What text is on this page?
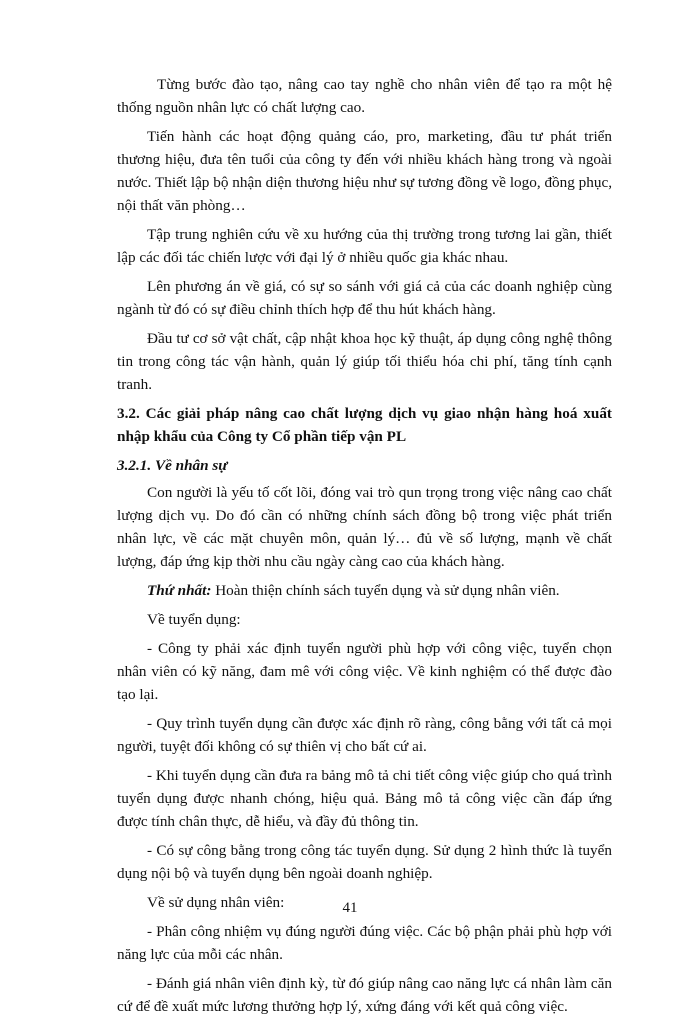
Từng bước đào tạo, nâng cao tay nghề cho nhân viên để tạo ra một hệ thống nguồn nhân lực có chất lượng cao.

Tiến hành các hoạt động quảng cáo, pro, marketing, đầu tư phát triển thương hiệu, đưa tên tuổi của công ty đến với nhiều khách hàng trong và ngoài nước. Thiết lập bộ nhận diện thương hiệu như sự tương đồng về logo, đồng phục, nội thất văn phòng…

Tập trung nghiên cứu về xu hướng của thị trường trong tương lai gần, thiết lập các đối tác chiến lược với đại lý ở nhiều quốc gia khác nhau.

Lên phương án về giá, có sự so sánh với giá cả của các doanh nghiệp cùng ngành từ đó có sự điều chỉnh thích hợp để thu hút khách hàng.

Đầu tư cơ sở vật chất, cập nhật khoa học kỹ thuật, áp dụng công nghệ thông tin trong công tác vận hành, quản lý giúp tối thiểu hóa chi phí, tăng tính cạnh tranh.

3.2. Các giải pháp nâng cao chất lượng dịch vụ giao nhận hàng hoá xuất nhập khẩu của Công ty Cổ phần tiếp vận PL

3.2.1. Về nhân sự

Con người là yếu tố cốt lõi, đóng vai trò qun trọng trong việc nâng cao chất lượng dịch vụ. Do đó cần có những chính sách đồng bộ trong việc phát triển nhân lực, về các mặt chuyên môn, quản lý… đủ về số lượng, mạnh về chất lượng, đáp ứng kịp thời nhu cầu ngày càng cao của khách hàng.

Thứ nhất: Hoàn thiện chính sách tuyển dụng và sử dụng nhân viên.

Về tuyển dụng:

- Công ty phải xác định tuyển người phù hợp với công việc, tuyển chọn nhân viên có kỹ năng, đam mê với công việc. Về kinh nghiệm có thể được đào tạo lại.

- Quy trình tuyển dụng cần được xác định rõ ràng, công bằng với tất cả mọi người, tuyệt đối không có sự thiên vị cho bất cứ ai.

- Khi tuyển dụng cần đưa ra bảng mô tả chi tiết công việc giúp cho quá trình tuyển dụng được nhanh chóng, hiệu quả. Bảng mô tả công việc cần đáp ứng được tính chân thực, dễ hiểu, và đầy đủ thông tin.

- Có sự công bằng trong công tác tuyển dụng. Sử dụng 2 hình thức là tuyển dụng nội bộ và tuyển dụng bên ngoài doanh nghiệp.

Về sử dụng nhân viên:

- Phân công nhiệm vụ đúng người đúng việc. Các bộ phận phải phù hợp với năng lực của mỗi các nhân.

- Đánh giá nhân viên định kỳ, từ đó giúp nâng cao năng lực cá nhân làm căn cứ để đề xuất mức lương thưởng hợp lý, xứng đáng với kết quả công việc.

41
